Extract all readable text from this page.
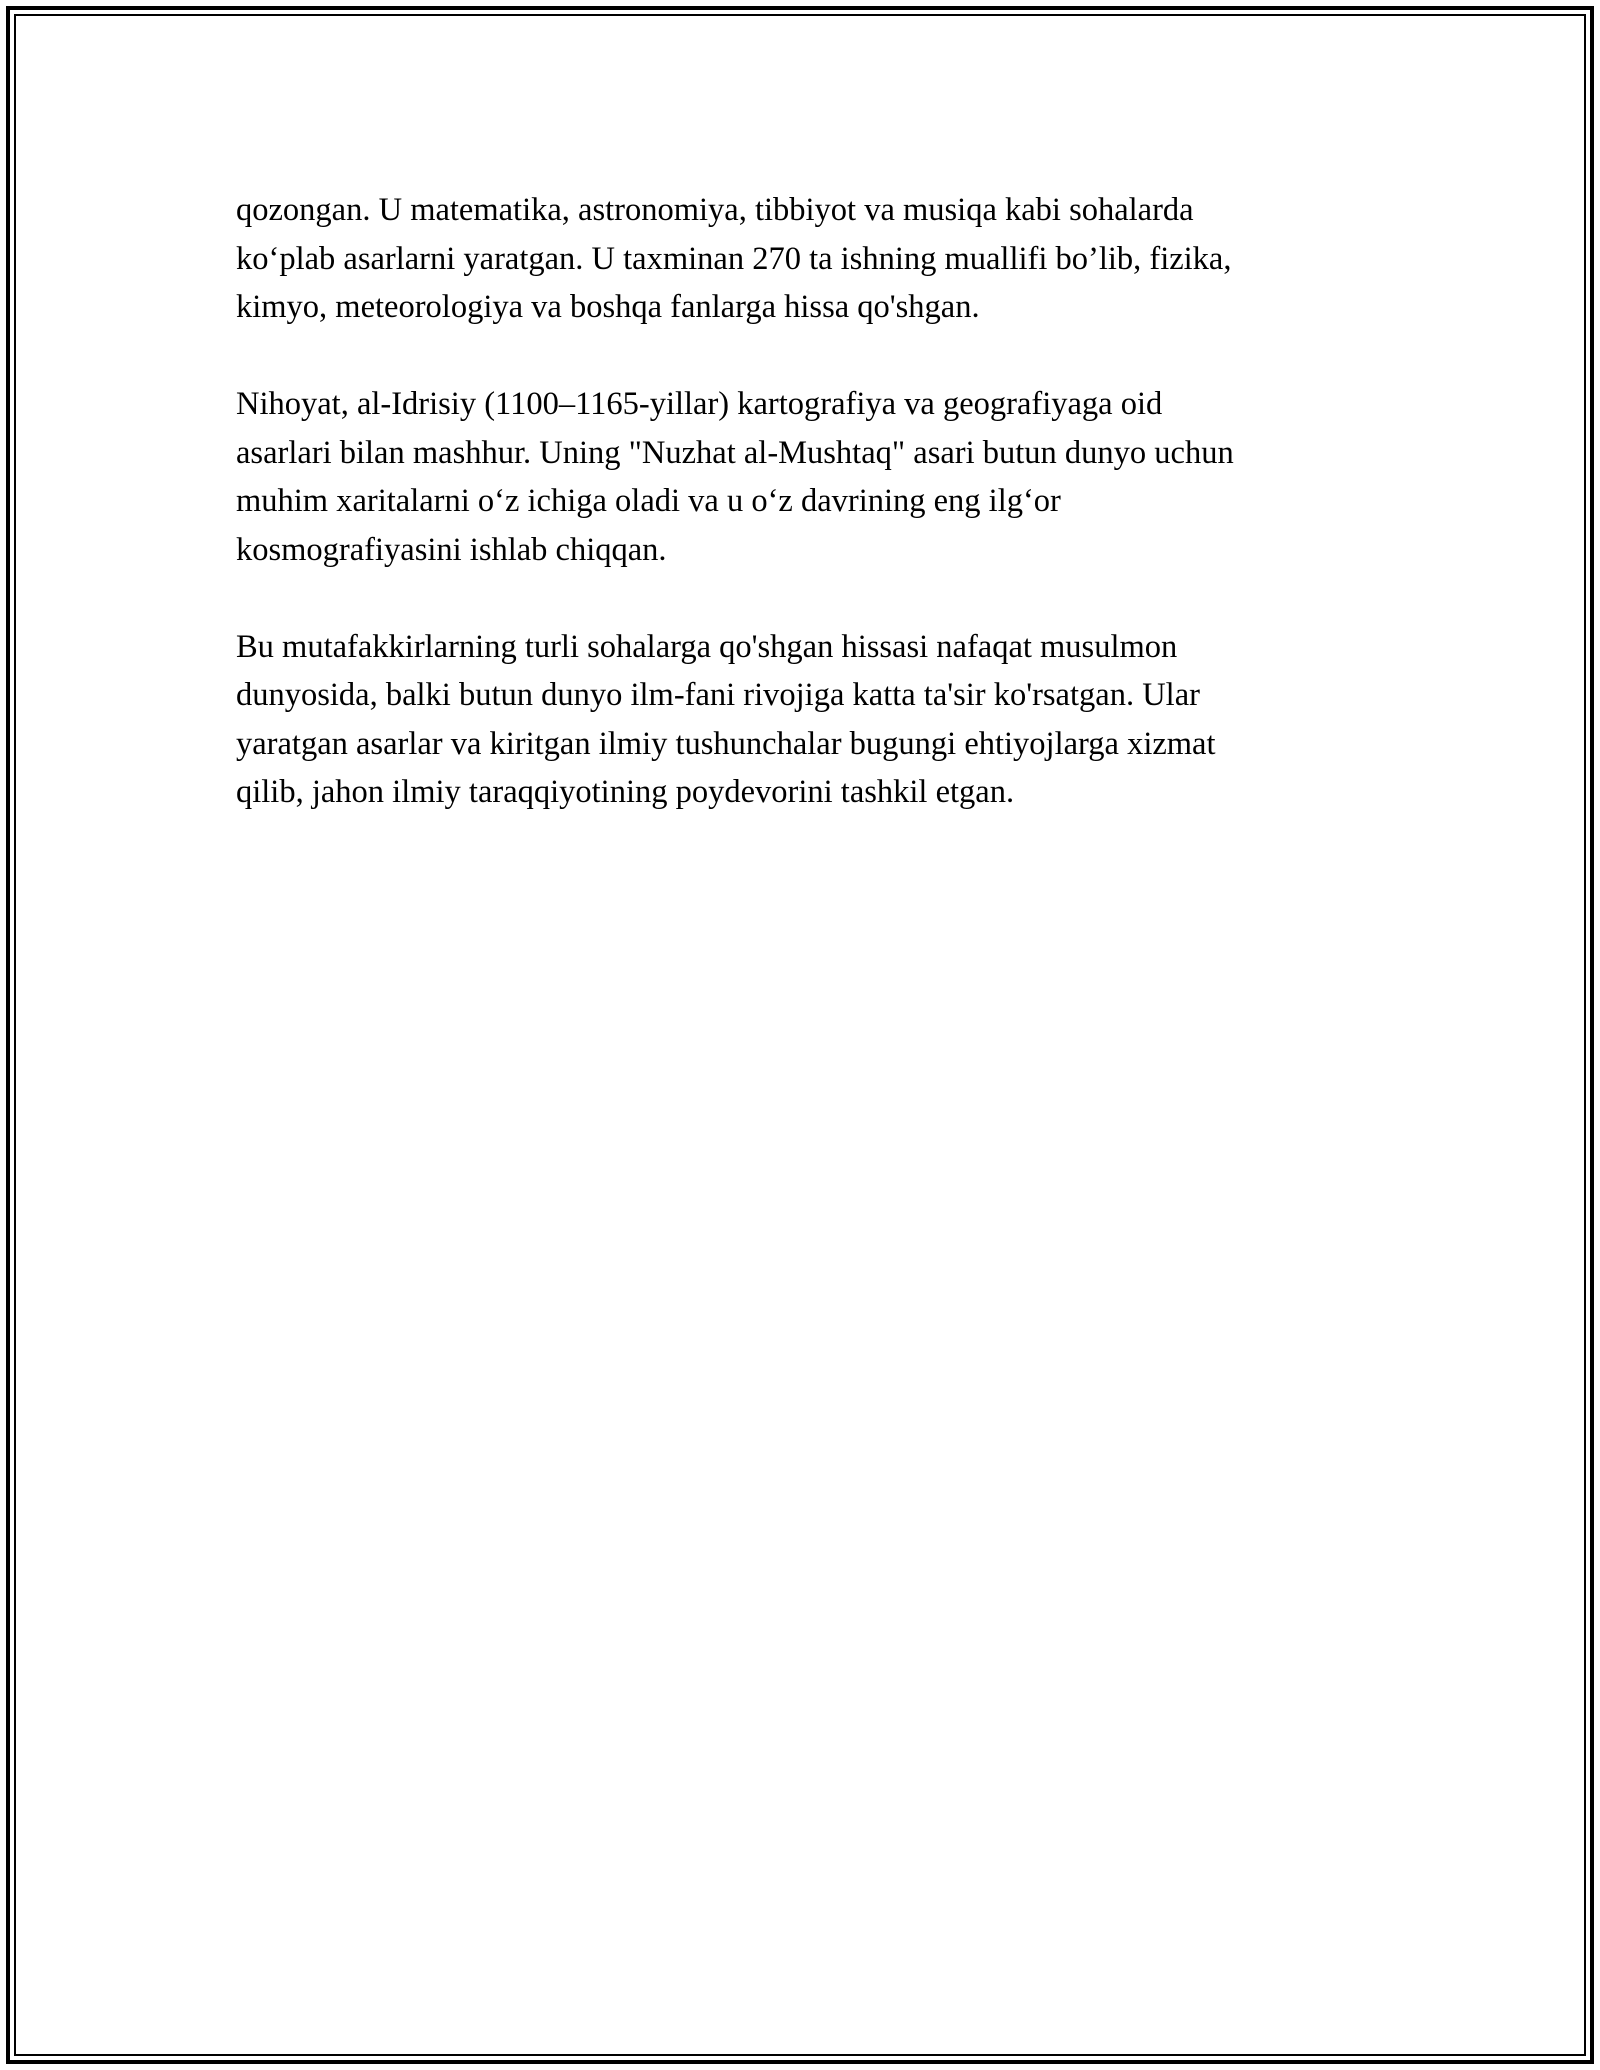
qozongan. U matematika, astronomiya, tibbiyot va musiqa kabi sohalarda
ko‘plab asarlarni yaratgan. U taxminan 270 ta ishning muallifi bo’lib, fizika,
kimyo, meteorologiya va boshqa fanlarga hissa qo'shgan.

Nihoyat, al-Idrisiy (1100–1165-yillar) kartografiya va geografiyaga oid
asarlari bilan mashhur. Uning "Nuzhat al-Mushtaq" asari butun dunyo uchun
muhim xaritalarni o‘z ichiga oladi va u o‘z davrining eng ilg‘or
kosmografiyasini ishlab chiqqan.

Bu mutafakkirlarning turli sohalarga qo'shgan hissasi nafaqat musulmon
dunyosida, balki butun dunyo ilm-fani rivojiga katta ta'sir ko'rsatgan. Ular
yaratgan asarlar va kiritgan ilmiy tushunchalar bugungi ehtiyojlarga xizmat
qilib, jahon ilmiy taraqqiyotining poydevorini tashkil etgan.
